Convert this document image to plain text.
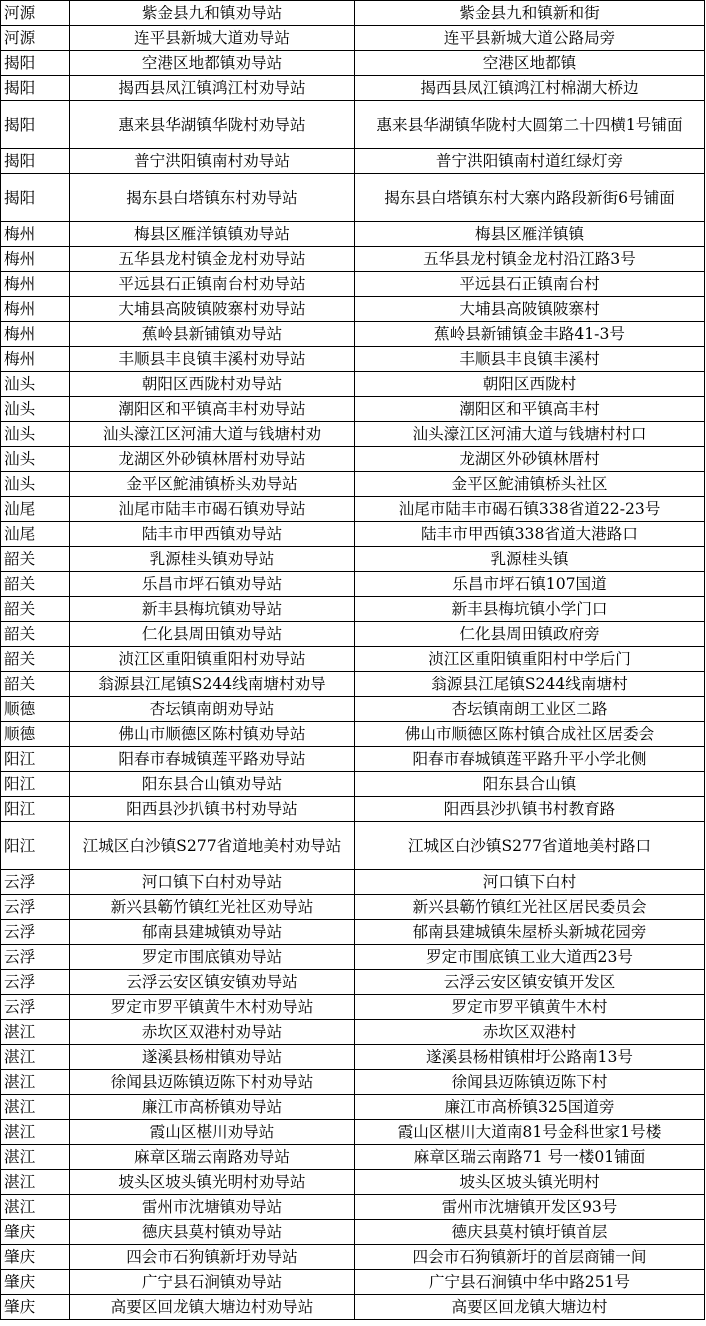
河源	紫金县九和镇劝导站	紫金县九和镇新和街
河源	连平县新城大道劝导站	连平县新城大道公路局旁
揭阳	空港区地都镇劝导站	空港区地都镇
揭阳	揭西县凤江镇鸿江村劝导站	揭西县凤江镇鸿江村棉湖大桥边
揭阳	惠来县华湖镇华陇村劝导站	惠来县华湖镇华陇村大圆第二十四横1号铺面
揭阳	普宁洪阳镇南村劝导站	普宁洪阳镇南村道红绿灯旁
揭阳	揭东县白塔镇东村劝导站	揭东县白塔镇东村大寨内路段新街6号铺面
梅州	梅县区雁洋镇镇劝导站	梅县区雁洋镇镇
梅州	五华县龙村镇金龙村劝导站	五华县龙村镇金龙村沿江路3号
梅州	平远县石正镇南台村劝导站	平远县石正镇南台村
梅州	大埔县高陂镇陂寨村劝导站	大埔县高陂镇陂寨村
梅州	蕉岭县新铺镇劝导站	蕉岭县新铺镇金丰路41-3号
梅州	丰顺县丰良镇丰溪村劝导站	丰顺县丰良镇丰溪村
汕头	朝阳区西陇村劝导站	朝阳区西陇村
汕头	潮阳区和平镇高丰村劝导站	潮阳区和平镇高丰村
汕头	汕头濠江区河浦大道与钱塘村劝	汕头濠江区河浦大道与钱塘村村口
汕头	龙湖区外砂镇林厝村劝导站	龙湖区外砂镇林厝村
汕头	金平区鮀浦镇桥头劝导站	金平区鮀浦镇桥头社区
汕尾	汕尾市陆丰市碣石镇劝导站	汕尾市陆丰市碣石镇338省道22-23号
汕尾	陆丰市甲西镇劝导站	陆丰市甲西镇338省道大港路口
韶关	乳源桂头镇劝导站	乳源桂头镇
韶关	乐昌市坪石镇劝导站	乐昌市坪石镇107国道
韶关	新丰县梅坑镇劝导站	新丰县梅坑镇小学门口
韶关	仁化县周田镇劝导站	仁化县周田镇政府旁
韶关	浈江区重阳镇重阳村劝导站	浈江区重阳镇重阳村中学后门
韶关	翁源县江尾镇S244线南塘村劝导	翁源县江尾镇S244线南塘村
顺德	杏坛镇南朗劝导站	杏坛镇南朗工业区二路
顺德	佛山市顺德区陈村镇劝导站	佛山市顺德区陈村镇合成社区居委会
阳江	阳春市春城镇莲平路劝导站	阳春市春城镇莲平路升平小学北侧
阳江	阳东县合山镇劝导站	阳东县合山镇
阳江	阳西县沙扒镇书村劝导站	阳西县沙扒镇书村教育路
阳江	江城区白沙镇S277省道地美村劝导站	江城区白沙镇S277省道地美村路口
云浮	河口镇下白村劝导站	河口镇下白村
云浮	新兴县簕竹镇红光社区劝导站	新兴县簕竹镇红光社区居民委员会
云浮	郁南县建城镇劝导站	郁南县建城镇朱屋桥头新城花园旁
云浮	罗定市围底镇劝导站	罗定市围底镇工业大道西23号
云浮	云浮云安区镇安镇劝导站	云浮云安区镇安镇开发区
云浮	罗定市罗平镇黄牛木村劝导站	罗定市罗平镇黄牛木村
湛江	赤坎区双港村劝导站	赤坎区双港村
湛江	遂溪县杨柑镇劝导站	遂溪县杨柑镇柑圩公路南13号
湛江	徐闻县迈陈镇迈陈下村劝导站	徐闻县迈陈镇迈陈下村
湛江	廉江市高桥镇劝导站	廉江市高桥镇325国道旁
湛江	霞山区椹川劝导站	霞山区椹川大道南81号金科世家1号楼
湛江	麻章区瑞云南路劝导站	麻章区瑞云南路71 号一楼01铺面
湛江	坡头区坡头镇光明村劝导站	坡头区坡头镇光明村
湛江	雷州市沈塘镇劝导站	雷州市沈塘镇开发区93号
肇庆	德庆县莫村镇劝导站	德庆县莫村镇圩镇首层
肇庆	四会市石狗镇新圩劝导站	四会市石狗镇新圩的首层商铺一间
肇庆	广宁县石涧镇劝导站	广宁县石涧镇中华中路251号
肇庆	高要区回龙镇大塘边村劝导站	高要区回龙镇大塘边村
